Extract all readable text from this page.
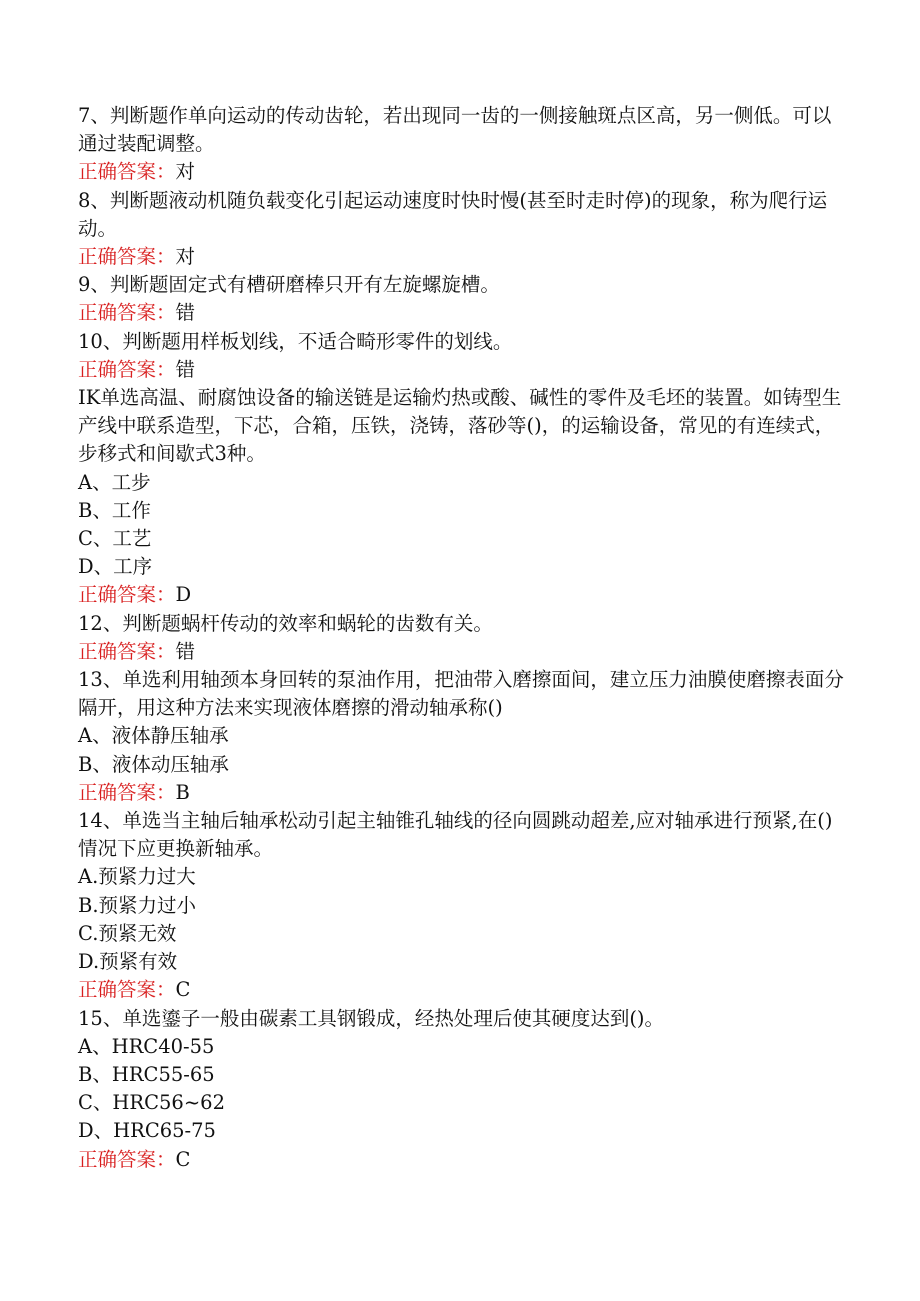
7、判断题作单向运动的传动齿轮，若出现同一齿的一侧接触斑点区高，另一侧低。可以通过装配调整。

正确答案：对

8、判断题液动机随负载变化引起运动速度时快时慢(甚至时走时停)的现象，称为爬行运动。

正确答案：对

9、判断题固定式有槽研磨棒只开有左旋螺旋槽。

正确答案：错

10、判断题用样板划线，不适合畸形零件的划线。

正确答案：错

IK单选高温、耐腐蚀设备的输送链是运输灼热或酸、碱性的零件及毛坯的装置。如铸型生产线中联系造型，下芯，合箱，压铁，浇铸，落砂等()，的运输设备，常见的有连续式，步移式和间歇式3种。

A、工步

B、工作

C、工艺

D、工序

正确答案：D

12、判断题蜗杆传动的效率和蜗轮的齿数有关。

正确答案：错

13、单选利用轴颈本身回转的泵油作用，把油带入磨擦面间，建立压力油膜使磨擦表面分隔开，用这种方法来实现液体磨擦的滑动轴承称()

A、液体静压轴承

B、液体动压轴承

正确答案：B

14、单选当主轴后轴承松动引起主轴锥孔轴线的径向圆跳动超差,应对轴承进行预紧,在()情况下应更换新轴承。

A.预紧力过大

B.预紧力过小

C.预紧无效

D.预紧有效

正确答案：C

15、单选鎏子一般由碳素工具钢锻成，经热处理后使其硬度达到()。

A、HRC40-55

B、HRC55-65

C、HRC56~62

D、HRC65-75

正确答案：C
